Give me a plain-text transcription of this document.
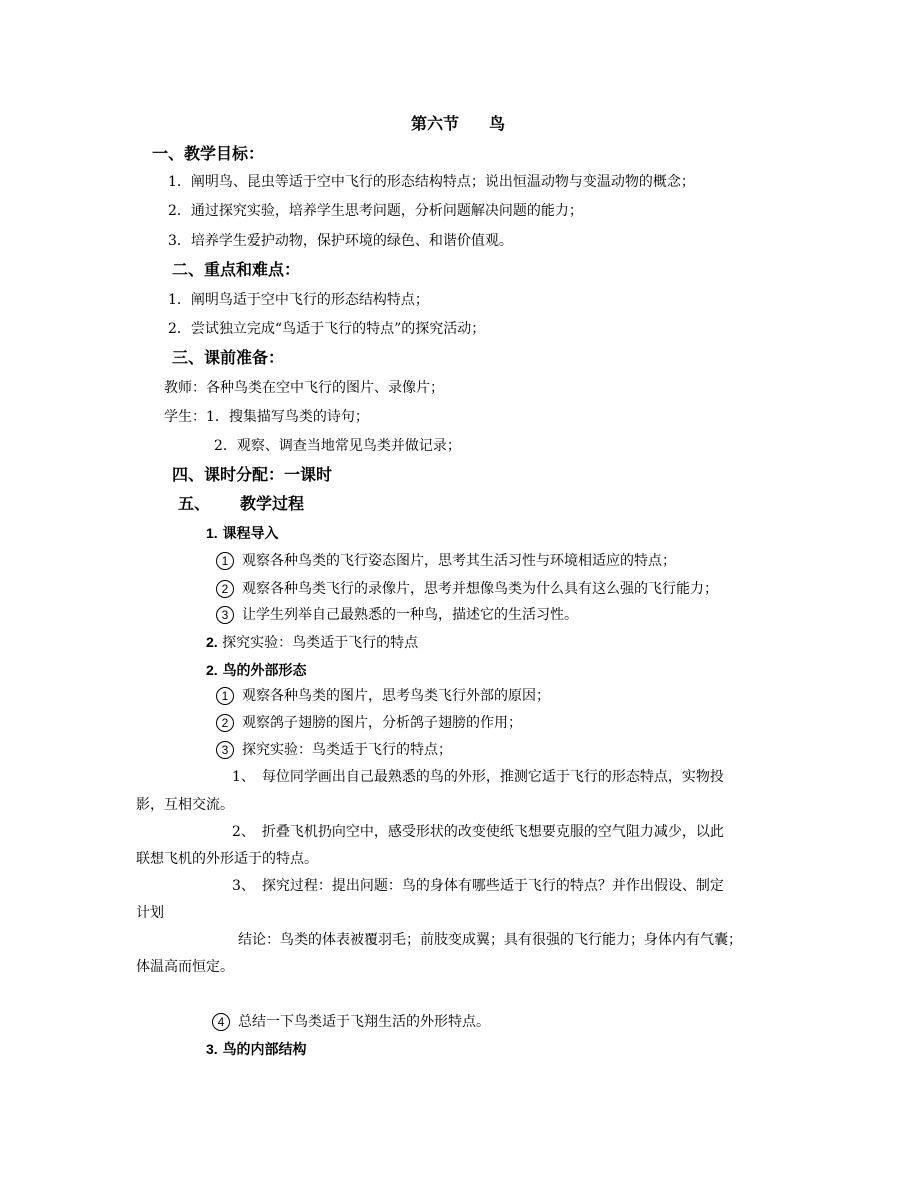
第六节 鸟
一、教学目标：
1．阐明鸟、昆虫等适于空中飞行的形态结构特点；说出恒温动物与变温动物的概念；
2．通过探究实验，培养学生思考问题，分析问题解决问题的能力；
3．培养学生爱护动物，保护环境的绿色、和谐价值观。
二、重点和难点：
1．阐明鸟适于空中飞行的形态结构特点；
2．尝试独立完成“鸟适于飞行的特点”的探究活动；
三、课前准备：
教师：各种鸟类在空中飞行的图片、录像片；
学生：1．搜集描写鸟类的诗句；
2．观察、调查当地常见鸟类并做记录；
四、课时分配：一课时
五、 教学过程
1. 课程导入
1 观察各种鸟类的飞行姿态图片，思考其生活习性与环境相适应的特点；
2 观察各种鸟类飞行的录像片，思考并想像鸟类为什么具有这么强的飞行能力；
3 让学生列举自己最熟悉的一种鸟，描述它的生活习性。
2. 探究实验：鸟类适于飞行的特点
2. 鸟的外部形态
1 观察各种鸟类的图片，思考鸟类飞行外部的原因；
2 观察鸽子翅膀的图片，分析鸽子翅膀的作用；
3 探究实验：鸟类适于飞行的特点；
1、　每位同学画出自己最熟悉的鸟的外形，推测它适于飞行的形态特点，实物投
影，互相交流。
2、　折叠飞机扔向空中，感受形状的改变使纸飞想要克服的空气阻力减少，以此
联想飞机的外形适于的特点。
3、　探究过程：提出问题：鸟的身体有哪些适于飞行的特点？并作出假设、制定
计划
结论：鸟类的体表被覆羽毛；前肢变成翼；具有很强的飞行能力；身体内有气囊；
体温高而恒定。
4 总结一下鸟类适于飞翔生活的外形特点。
3. 鸟的内部结构
